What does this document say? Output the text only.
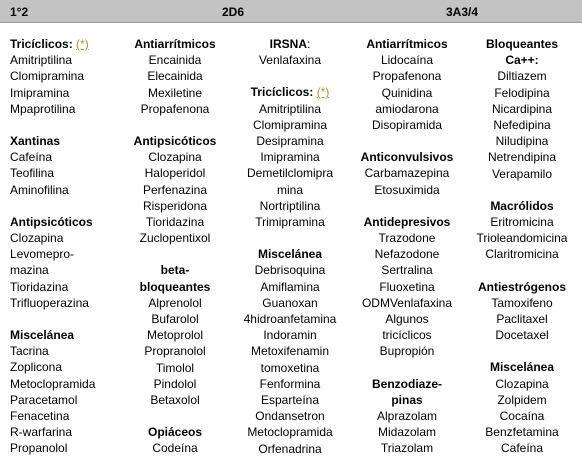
1°2	2D6	3A3/4
Tricíclicos: (*)
Amitriptilina
Clomipramina
Imipramina
Mpaprotilina
Xantinas
Cafeína
Teofilina
Aminofilina
Antipsicóticos
Clozapina
Levomepro-
mazina
Tioridazina
Trifluoperazina
Miscelánea
Tacrina
Zoplicona
Metoclopramida
Paracetamol
Fenacetina
R-warfarina
Propanolol
Antiarrítmicos
Encainida
Elecainida
Mexiletine
Propafenona
Antipsicóticos
Clozapina
Haloperidol
Perfenazina
Risperidona
Tioridazina
Zuclopentixol
beta-
bloqueantes
Alprenolol
Bufarolol
Metoprolol
Propranolol
Timolol
Pindolol
Betaxolol
Opiáceos
Codeína
IRSNA:
Venlafaxina
Tricíclicos: (*)
Amitriptilina
Clomipramina
Desipramina
Imipramina
Demetilclomipra
mina
Nortriptilina
Trimipramina
Miscelánea
Debrisoquina
Amiflamina
Guanoxan
4hidroanfetamina
Indoramin
Metoxifenamin
tomoxetina
Fenformina
Esparteína
Ondansetron
Metoclopramida
Orfenadrina
Antiarrítmicos
Lidocaína
Propafenona
Quinidina
amiodarona
Disopiramida
Anticonvulsivos
Carbamazepina
Etosuximida
Antidepresivos
Trazodone
Nefazodone
Sertralina
Fluoxetina
ODMVenlafaxina
Algunos
tricíclicos
Bupropión
Benzodiaze-
pinas
Alprazolam
Midazolam
Triazolam
Bloqueantes
Ca++:
Diltiazem
Felodipina
Nicardipina
Nefedipina
Niludipina
Netrendipina
Verapamilo
Macrólidos
Eritromicina
Trioleandomicina
Claritromicina
Antiestrógenos
Tamoxifeno
Paclitaxel
Docetaxel
Miscelánea
Clozapina
Zolpidem
Cocaína
Benzfetamina
Cafeína
